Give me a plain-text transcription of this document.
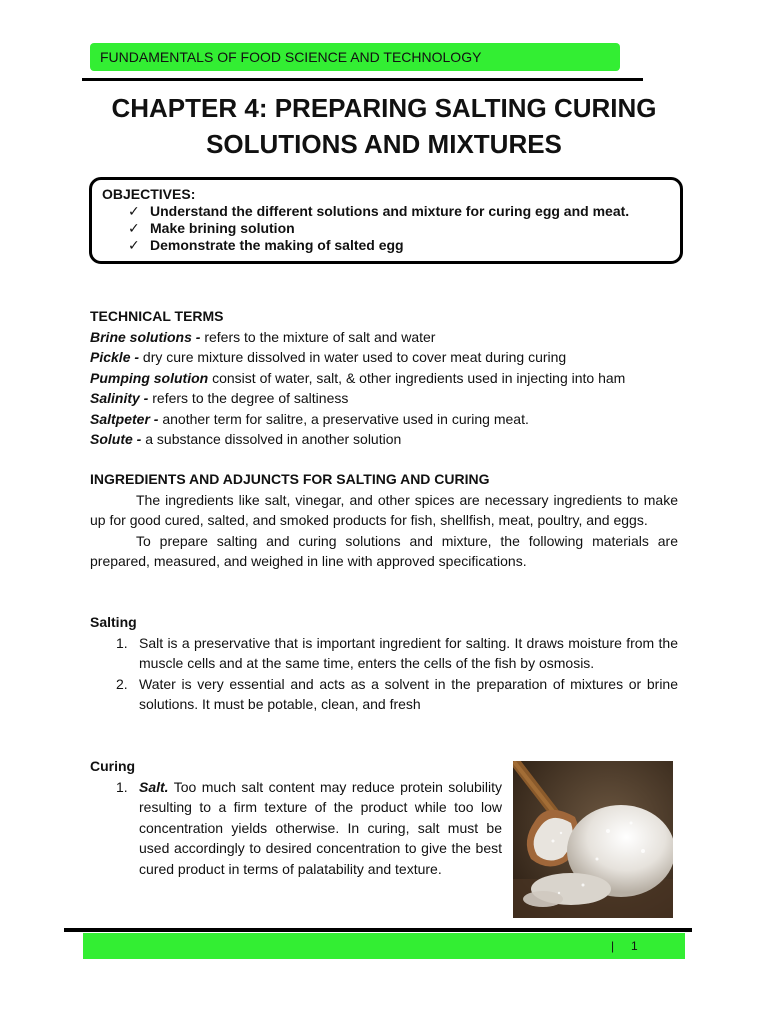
FUNDAMENTALS OF FOOD SCIENCE AND TECHNOLOGY
CHAPTER 4: PREPARING SALTING CURING
SOLUTIONS AND MIXTURES
OBJECTIVES:
✓ Understand the different solutions and mixture for curing egg and meat.
✓ Make brining solution
✓ Demonstrate the making of salted egg
TECHNICAL TERMS
Brine solutions - refers to the mixture of salt and water
Pickle - dry cure mixture dissolved in water used to cover meat during curing
Pumping solution consist of water, salt, & other ingredients used in injecting into ham
Salinity - refers to the degree of saltiness
Saltpeter - another term for salitre, a preservative used in curing meat.
Solute - a substance dissolved in another solution
INGREDIENTS AND ADJUNCTS FOR SALTING AND CURING
The ingredients like salt, vinegar, and other spices are necessary ingredients to make up for good cured, salted, and smoked products for fish, shellfish, meat, poultry, and eggs.
To prepare salting and curing solutions and mixture, the following materials are prepared, measured, and weighed in line with approved specifications.
Salting
1. Salt is a preservative that is important ingredient for salting. It draws moisture from the muscle cells and at the same time, enters the cells of the fish by osmosis.
2. Water is very essential and acts as a solvent in the preparation of mixtures or brine solutions. It must be potable, clean, and fresh
Curing
1. Salt. Too much salt content may reduce protein solubility resulting to a firm texture of the product while too low concentration yields otherwise. In curing, salt must be used accordingly to desired concentration to give the best cured product in terms of palatability and texture.
| 1
